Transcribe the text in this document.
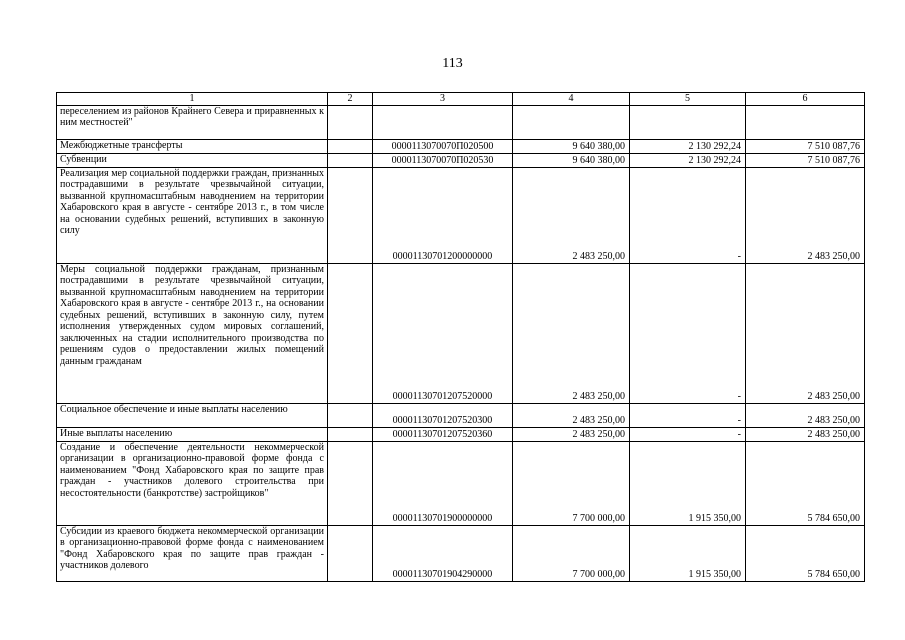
113
1	2	3	4	5	6
переселением из районов Крайнего Севера и приравненных к ним местностей"					
Межбюджетные трансферты		0000113070070П020500	9 640 380,00	2 130 292,24	7 510 087,76
Субвенции		0000113070070П020530	9 640 380,00	2 130 292,24	7 510 087,76
Реализация мер социальной поддержки граждан, признанных пострадавшими в результате чрезвычайной ситуации, вызванной крупномасштабным наводнением на территории Хабаровского края в августе - сентябре 2013 г., в том числе на основании судебных решений, вступивших в законную силу		00001130701200000000	2 483 250,00	-	2 483 250,00
Меры социальной поддержки гражданам, признанным пострадавшими в результате чрезвычайной ситуации, вызванной крупномасштабным наводнением на территории Хабаровского края в августе - сентябре 2013 г., на основании судебных решений, вступивших в законную силу, путем исполнения утвержденных судом мировых соглашений, заключенных на стадии исполнительного производства по решениям судов о предоставлении жилых помещений данным гражданам		00001130701207520000	2 483 250,00	-	2 483 250,00
Социальное обеспечение и иные выплаты населению		00001130701207520300	2 483 250,00	-	2 483 250,00
Иные выплаты населению		00001130701207520360	2 483 250,00	-	2 483 250,00
Создание и обеспечение деятельности некоммерческой организации в организационно-правовой форме фонда с наименованием "Фонд Хабаровского края по защите прав граждан - участников долевого строительства при несостоятельности (банкротстве) застройщиков"		00001130701900000000	7 700 000,00	1 915 350,00	5 784 650,00
Субсидии из краевого бюджета некоммерческой организации в организационно-правовой форме фонда с наименованием "Фонд Хабаровского края по защите прав граждан - участников долевого		00001130701904290000	7 700 000,00	1 915 350,00	5 784 650,00
